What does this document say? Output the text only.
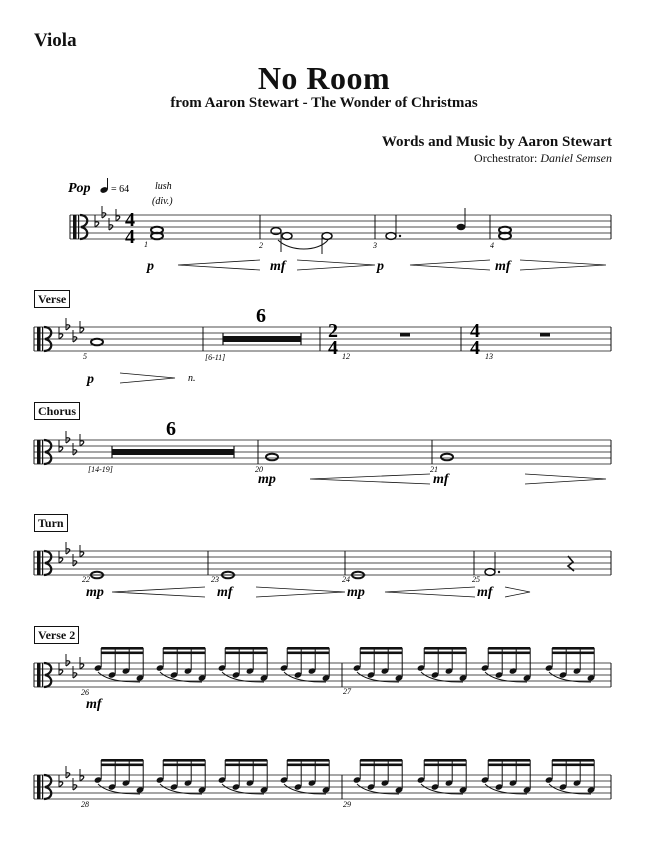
Viola
No Room
from Aaron Stewart - The Wonder of Christmas
Words and Music by Aaron Stewart
Orchestrator: Daniel Semsen
Verse
Chorus
Turn
Verse 2
4
4
2
4
4
4
Pop = 64	lush
(div.)
6
[6-11]
6
[14-19]
1	2	3	4
5	12	13
20	21
22	23	24	25
26	27
28	29
p	mf	p	mf
p	n.
mp	mf
mp	mf	mp	mf
mf
